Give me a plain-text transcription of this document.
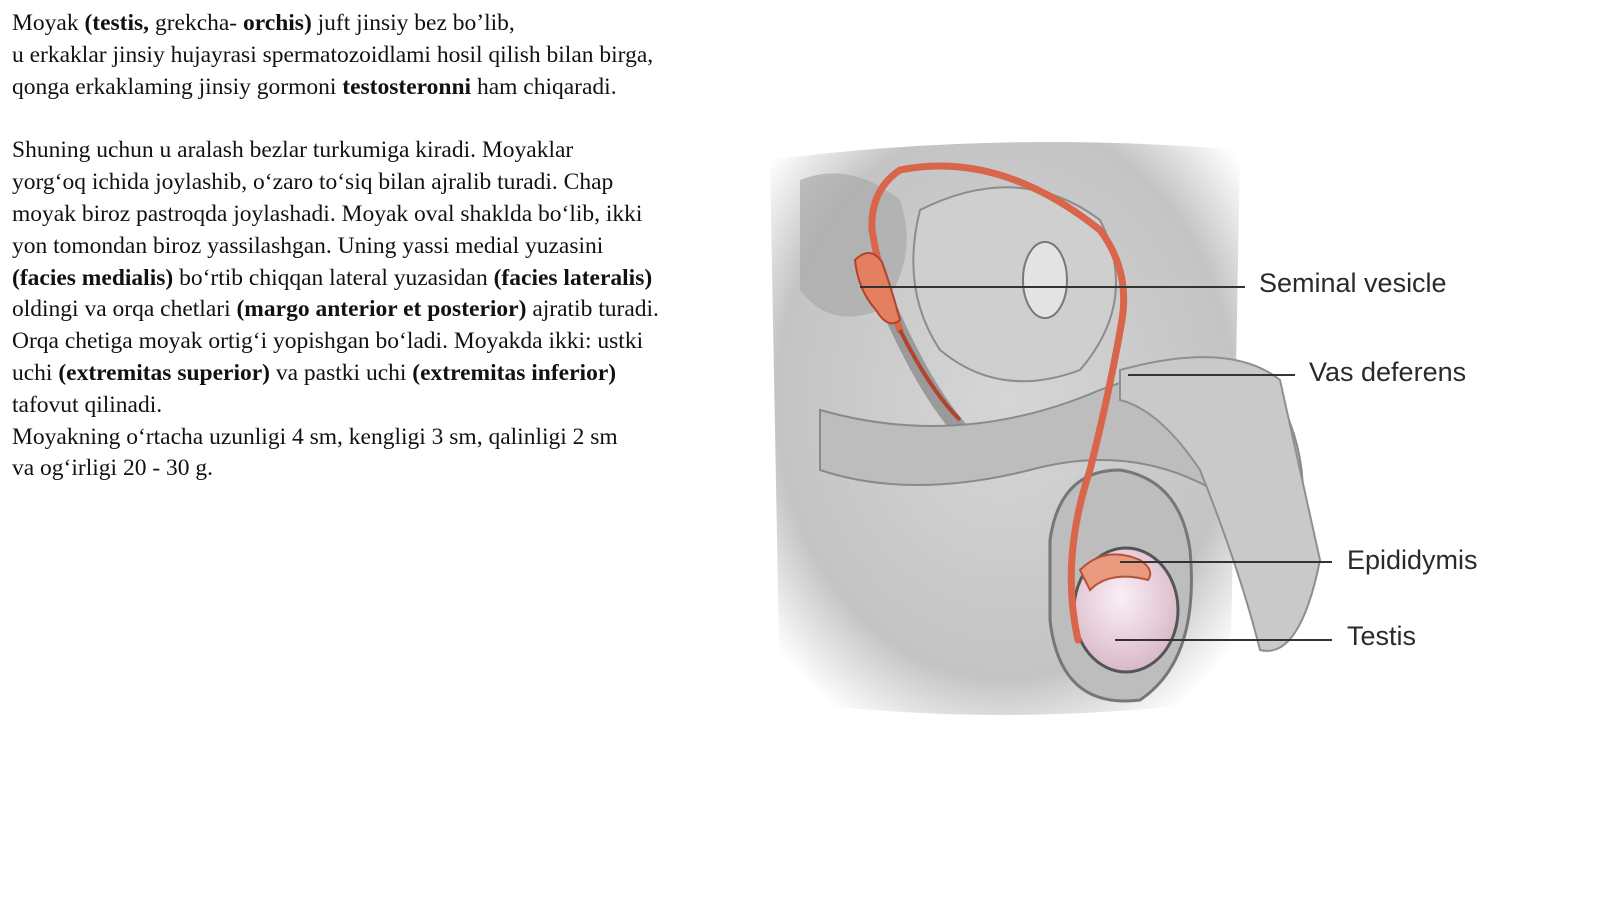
Moyak (testis, grekcha- orchis) juft jinsiy bez bo’lib,
u erkaklar jinsiy hujayrasi spermatozoidlami hosil qilish bilan birga,
qonga erkaklaming jinsiy gormoni testosteronni ham chiqaradi.
Shuning uchun u aralash bezlar turkumiga kiradi. Moyaklar
yorg‘oq ichida joylashib, o‘zaro to‘siq bilan ajralib turadi. Chap
moyak biroz pastroqda joylashadi. Moyak oval shaklda bo‘lib, ikki
yon tomondan biroz yassilashgan. Uning yassi medial yuzasini
(facies medialis) bo‘rtib chiqqan lateral yuzasidan (facies lateralis)
oldingi va orqa chetlari (margo anterior et posterior) ajratib turadi.
Orqa chetiga moyak ortig‘i yopishgan bo‘ladi. Moyakda ikki: ustki
uchi (extremitas superior) va pastki uchi (extremitas inferior)
tafovut qilinadi.
Moyakning o‘rtacha uzunligi 4 sm, kengligi 3 sm, qalinligi 2 sm
va og‘irligi 20 - 30 g.
Seminal vesicle
Vas deferens
Epididymis
Testis
